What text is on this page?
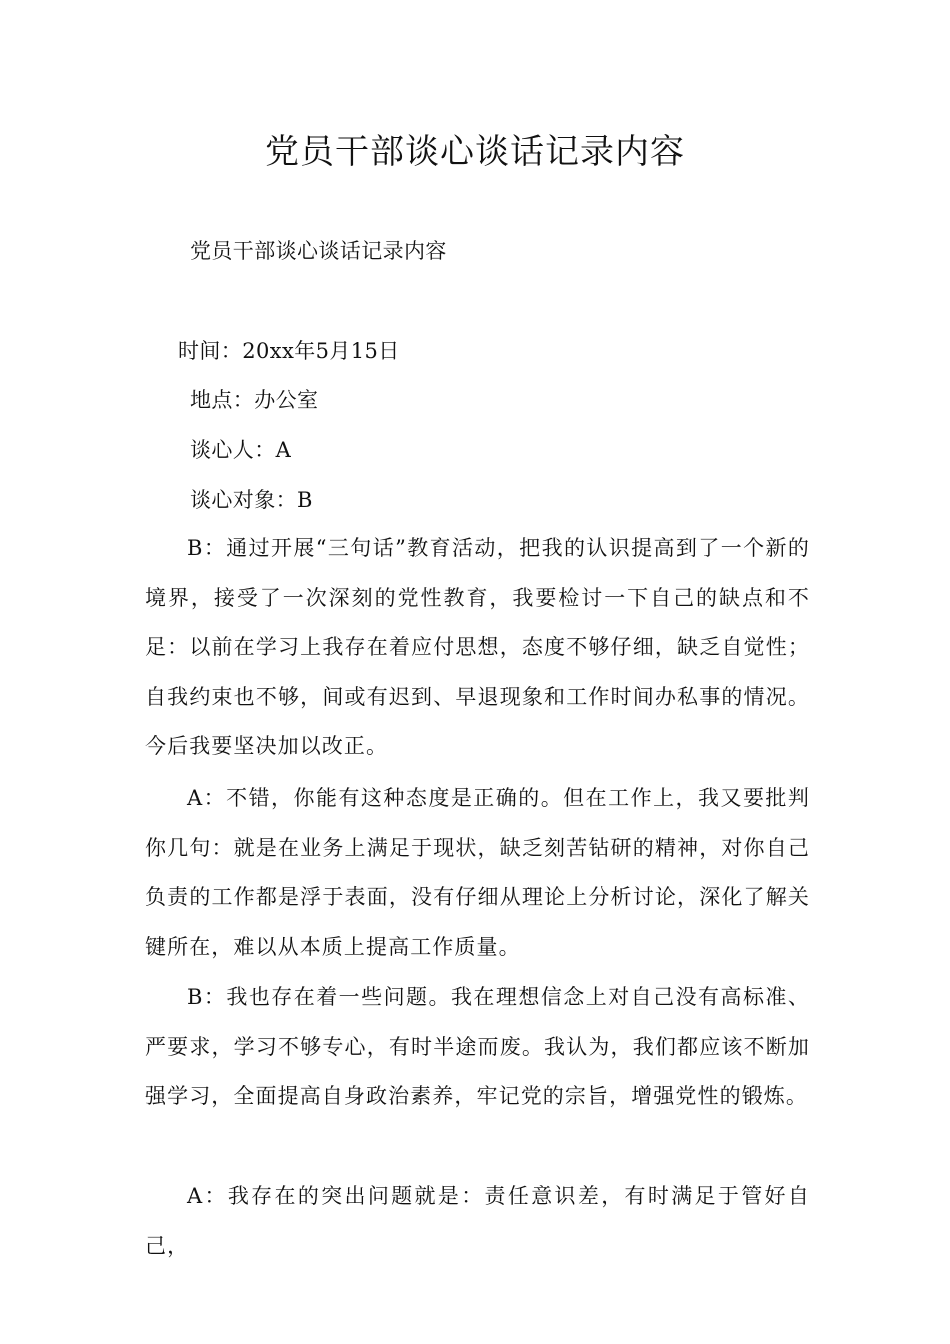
党员干部谈心谈话记录内容
党员干部谈心谈话记录内容
时间：20xx年5月15日
地点：办公室
谈心人：A
谈心对象：B
B：通过开展“三句话”教育活动，把我的认识提高到了一个新的境界，接受了一次深刻的党性教育，我要检讨一下自己的缺点和不足：以前在学习上我存在着应付思想，态度不够仔细，缺乏自觉性；自我约束也不够，间或有迟到、早退现象和工作时间办私事的情况。今后我要坚决加以改正。
A：不错，你能有这种态度是正确的。但在工作上，我又要批判你几句：就是在业务上满足于现状，缺乏刻苦钻研的精神，对你自己负责的工作都是浮于表面，没有仔细从理论上分析讨论，深化了解关键所在，难以从本质上提高工作质量。
B：我也存在着一些问题。我在理想信念上对自己没有高标准、严要求，学习不够专心，有时半途而废。我认为，我们都应该不断加强学习，全面提高自身政治素养，牢记党的宗旨，增强党性的锻炼。
A：我存在的突出问题就是：责任意识差，有时满足于管好自己，
